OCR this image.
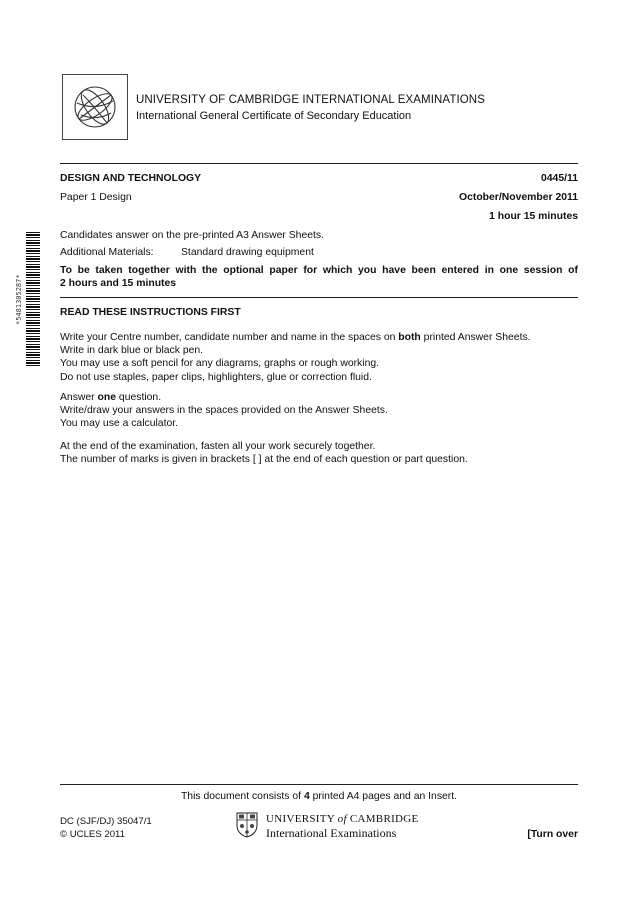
UNIVERSITY OF CAMBRIDGE INTERNATIONAL EXAMINATIONS
International General Certificate of Secondary Education
DESIGN AND TECHNOLOGY	0445/11
Paper 1 Design	October/November 2011
1 hour 15 minutes
Candidates answer on the pre-printed A3 Answer Sheets.
Additional Materials:	Standard drawing equipment
To be taken together with the optional paper for which you have been entered in one session of
2 hours and 15 minutes
READ THESE INSTRUCTIONS FIRST

Write your Centre number, candidate number and name in the spaces on both printed Answer Sheets.

Write in dark blue or black pen.

You may use a soft pencil for any diagrams, graphs or rough working.

Do not use staples, paper clips, highlighters, glue or correction fluid.

Answer one question.

Write/draw your answers in the spaces provided on the Answer Sheets.

You may use a calculator.

At the end of the examination, fasten all your work securely together.

The number of marks is given in brackets [ ] at the end of each question or part question.

*5481305287*
This document consists of 4 printed A4 pages and an Insert.
DC (SJF/DJ) 35047/1
© UCLES 2011
UNIVERSITY of CAMBRIDGE
International Examinations	[Turn over
